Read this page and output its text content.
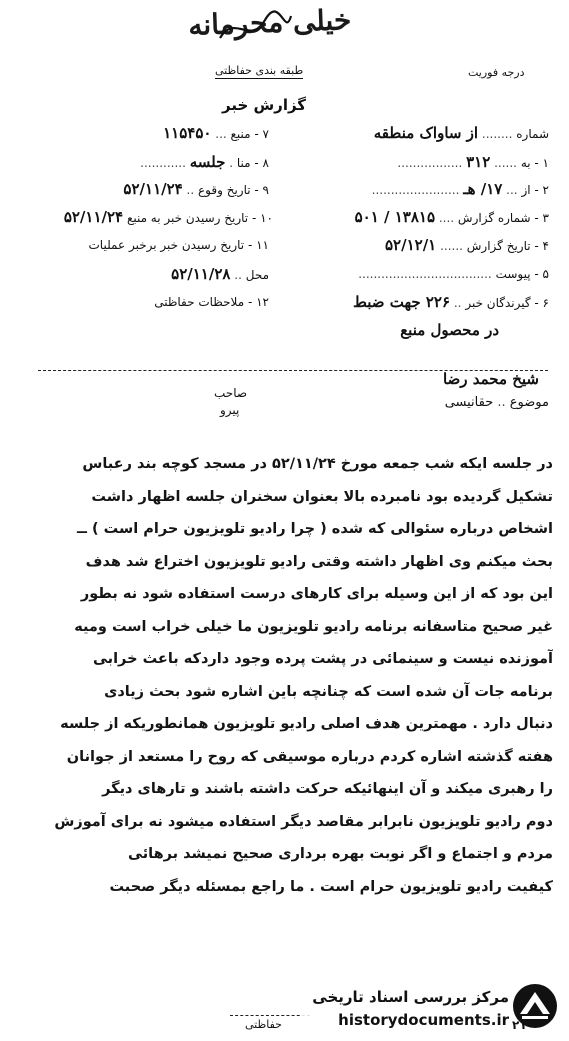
خیلی محرمانه
طبقه بندی حفاظتی	درجه فوریت
گزارش خبر
شماره ........ از ساواک منطقه
۱ - به ...... ۳۱۲ .................
۲ - از ... ۱۷/ هـ .......................
۳ - شماره گزارش .... ۱۳۸۱۵ / ۵۰۱
۴ - تاریخ گزارش ...... ۵۲/۱۲/۱
۵ - پیوست ...................................
۶ - گیرندگان خبر .. ۲۲۶ جهت ضبط
در محصول منبع
۷ - منبع ... ۱۱۵۴۵۰
۸ - منا . جلسه ............
۹ - تاریخ وقوع .. ۵۲/۱۱/۲۴
۱۰ - تاریخ رسیدن خبر به منبع ۵۲/۱۱/۲۴
۱۱ - تاریخ رسیدن خبر برخبر عملیات
محل .. ۵۲/۱۱/۲۸
۱۲ - ملاحظات حفاظتی
شیخ محمد رضا
موضوع .. حقانیسی
صاحب
پیرو
در جلسه ایکه شب جمعه مورخ ۵۲/۱۱/۲۴ در مسجد کوچه بند رعباس
تشکیل گردیده بود نامبرده بالا بعنوان سخنران جلسه اظهار داشت
اشخاص درباره سئوالی که شده ( چرا رادیو تلویزیون حرام است ) ــ
بحث میکنم وی اظهار داشته وقتی رادیو تلویزیون اختراع شد هدف
این بود که از این وسیله برای کارهای درست استفاده شود نه بطور
غیر صحیح متاسفانه برنامه رادیو تلویزیون ما خیلی خراب است ومیه
آموزنده نیست و سینمائی در پشت پرده وجود داردکه باعث خرابی
برنامه جات آن شده است که چنانچه باین اشاره شود بحث زیادی
دنبال دارد . مهمترین هدف اصلی رادیو تلویزیون همانطوریکه از جلسه
هفته گذشته اشاره کردم درباره موسیقی که روح را مستعد از جوانان
را رهبری میکند و آن اینهائیکه حرکت داشته باشند و تارهای دیگر
دوم رادیو تلویزیون نابرابر مقاصد دیگر استفاده میشود نه برای آموزش
مردم و اجتماع و اگر نوبت بهره برداری صحیح نمیشد برهائی
کیفیت رادیو تلویزیون حرام است . ما راجع بمسئله دیگر صحبت
حفاظتی
مرکز بررسی اسناد تاریخی
historydocuments.ir ۲۱
